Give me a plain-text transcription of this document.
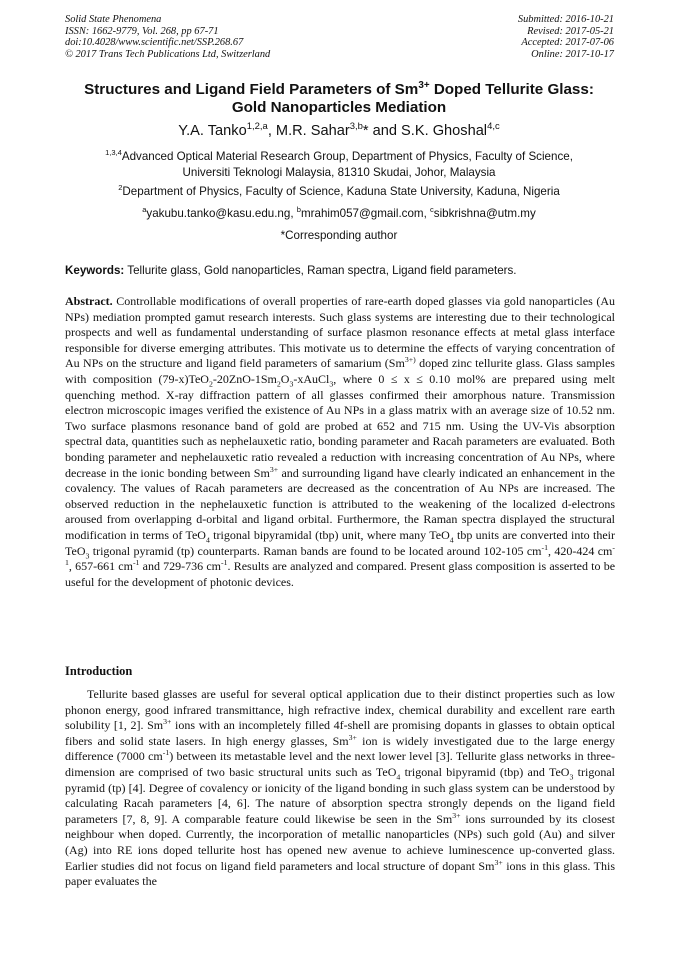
Solid State Phenomena
ISSN: 1662-9779, Vol. 268, pp 67-71
doi:10.4028/www.scientific.net/SSP.268.67
© 2017 Trans Tech Publications Ltd, Switzerland
Submitted: 2016-10-21
Revised: 2017-05-21
Accepted: 2017-07-06
Online: 2017-10-17
Structures and Ligand Field Parameters of $Sm^{3+}$ Doped Tellurite Glass:
Gold Nanoparticles Mediation
Y.A. Tanko$^{1,2,a}$, M.R. Sahar$^{3,b}$* and S.K. Ghoshal$^{4,c}$
$^{1,3,4}$Advanced Optical Material Research Group, Department of Physics, Faculty of Science,
Universiti Teknologi Malaysia, 81310 Skudai, Johor, Malaysia
$^2$Department of Physics, Faculty of Science, Kaduna State University, Kaduna, Nigeria
$^a$yakubu.tanko@kasu.edu.ng, $^b$mrahim057@gmail.com, $^c$sibkrishna@utm.my
*Corresponding author
Keywords: Tellurite glass, Gold nanoparticles, Raman spectra, Ligand field parameters.
Abstract. Controllable modifications of overall properties of rare-earth doped glasses via gold nanoparticles (Au NPs) mediation prompted gamut research interests. Such glass systems are interesting due to their technological prospects and well as fundamental understanding of surface plasmon resonance effects at metal glass interface responsible for diverse emerging attributes. This motivate us to determine the effects of varying concentration of Au NPs on the structure and ligand field parameters of samarium ($Sm^{3+)}$ doped zinc tellurite glass. Glass samples with composition $(79-x)TeO_2-20ZnO-1Sm_2O_3-xAuCl_3$, where 0 ≤ x ≤ 0.10 mol% are prepared using melt quenching method. X-ray diffraction pattern of all glasses confirmed their amorphous nature. Transmission electron microscopic images verified the existence of Au NPs in a glass matrix with an average size of 10.52 nm. Two surface plasmons resonance band of gold are probed at 652 and 715 nm. Using the UV-Vis absorption spectral data, quantities such as nephelauxetic ratio, bonding parameter and Racah parameters are evaluated. Both bonding parameter and nephelauxetic ratio revealed a reduction with increasing concentration of Au NPs, where decrease in the ionic bonding between $Sm^{3+}$ and surrounding ligand have clearly indicated an enhancement in the covalency. The values of Racah parameters are decreased as the concentration of Au NPs are increased. The observed reduction in the nephelauxetic function is attributed to the weakening of the localized d-electrons aroused from overlapping d-orbital and ligand orbital. Furthermore, the Raman spectra displayed the structural modification in terms of TeO$_4$ trigonal bipyramidal (tbp) unit, where many TeO$_4$ tbp units are converted into their TeO$_3$ trigonal pyramid (tp) counterparts. Raman bands are found to be located around 102-105 $cm^{-1}$, 420-424 $cm^{-1}$, 657-661 $cm^{-1}$ and 729-736 $cm^{-1}$. Results are analyzed and compared. Present glass composition is asserted to be useful for the development of photonic devices.
Introduction
Tellurite based glasses are useful for several optical application due to their distinct properties such as low phonon energy, good infrared transmittance, high refractive index, chemical durability and excellent rare earth solubility [1, 2]. $Sm^{3+}$ ions with an incompletely filled 4f-shell are promising dopants in glasses to obtain optical fibers and solid state lasers. In high energy glasses, $Sm^{3+}$ ion is widely investigated due to the large energy difference (7000 $cm^{-1}$) between its metastable level and the next lower level [3]. Tellurite glass networks in three-dimension are comprised of two basic structural units such as TeO$_4$ trigonal bipyramid (tbp) and TeO$_3$ trigonal pyramid (tp) [4]. Degree of covalency or ionicity of the ligand bonding in such glass system can be understood by calculating Racah parameters [4, 6]. The nature of absorption spectra strongly depends on the ligand field parameters [7, 8, 9]. A comparable feature could likewise be seen in the $Sm^{3+}$ ions surrounded by its closest neighbour when doped. Currently, the incorporation of metallic nanoparticles (NPs) such gold (Au) and silver (Ag) into RE ions doped tellurite host has opened new avenue to achieve luminescence up-converted glass. Earlier studies did not focus on ligand field parameters and local structure of dopant $Sm^{3+}$ ions in this glass. This paper evaluates the
